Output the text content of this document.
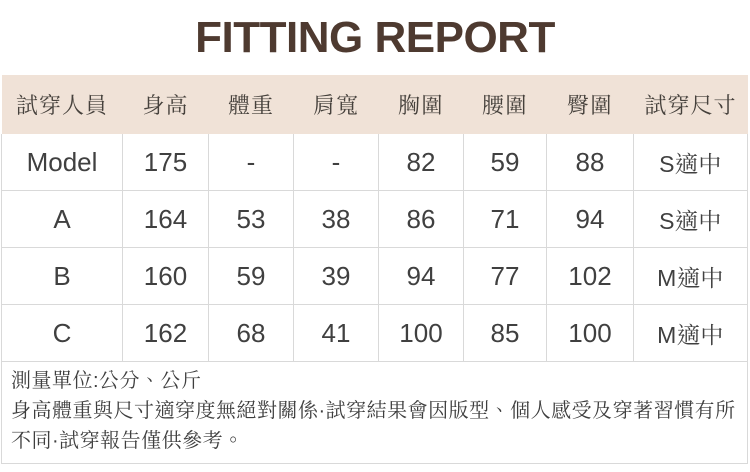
FITTING REPORT
試穿人員	身高	體重	肩寬	胸圍	腰圍	臀圍	試穿尺寸
Model	175	-	-	82	59	88	S適中
A	164	53	38	86	71	94	S適中
B	160	59	39	94	77	102	M適中
C	162	68	41	100	85	100	M適中

測量單位:公分、公斤

身高體重與尺寸適穿度無絕對關係·試穿結果會因版型、個人感受及穿著習慣有所不同·試穿報告僅供參考。							
